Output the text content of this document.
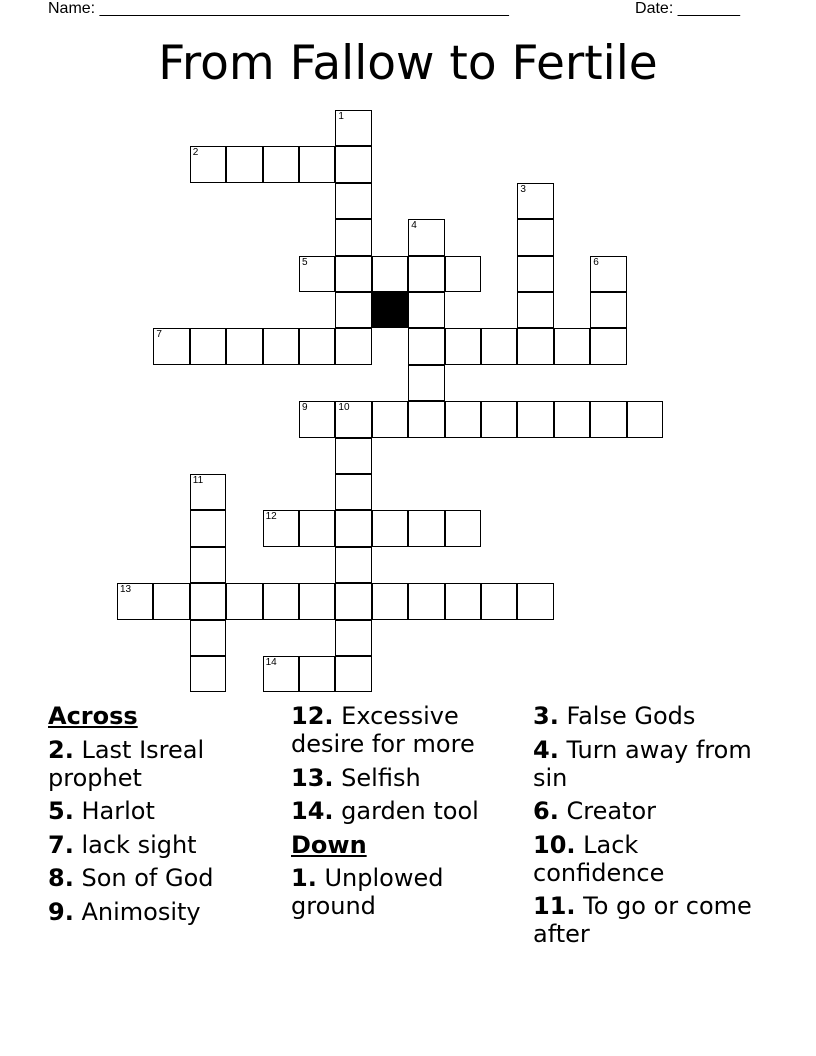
Name: ______________________________________________	Date: _______
From Fallow to Fertile
1
2
3
4
5	6
7
9	10
11
12
13
14
Across
2. Last Isreal prophet
5. Harlot
7. lack sight
8. Son of God
9. Animosity
12. Excessive desire for more
13. Selfish
14. garden tool
Down
1. Unplowed ground
3. False Gods
4. Turn away from sin
6. Creator
10. Lack confidence
11. To go or come after
